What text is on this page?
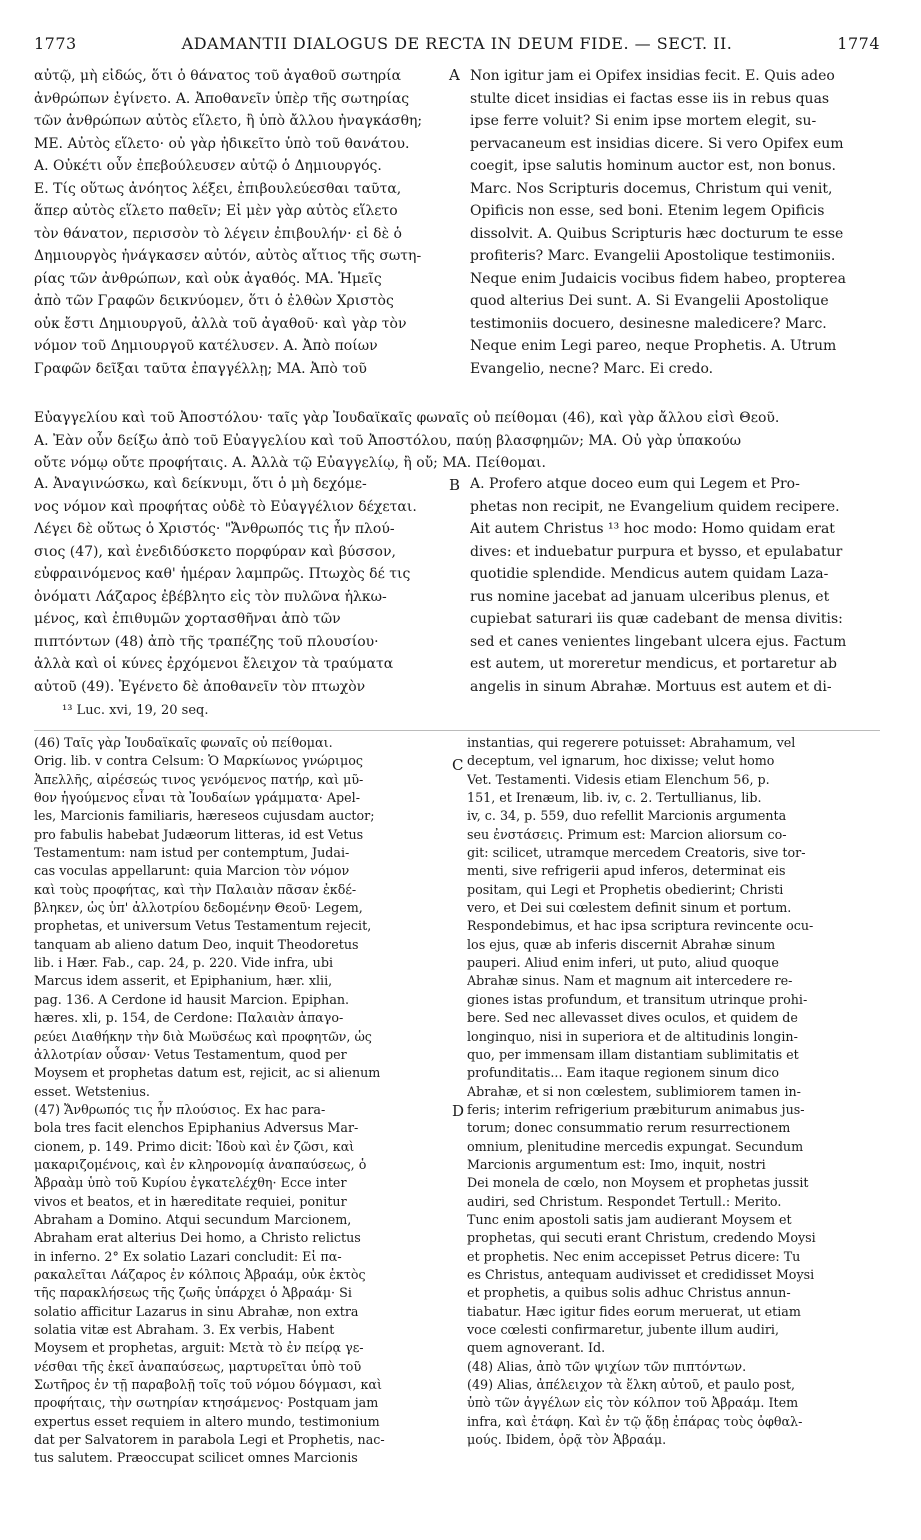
1773	ADAMANTII DIALOGUS DE RECTA IN DEUM FIDE. — SECT. II.	1774
αὐτῷ, μὴ εἰδώς, ὅτι ὁ θάνατος τοῦ ἀγαθοῦ σωτηρία
ἀνθρώπων ἐγίνετο. Α. Ἀποθανεῖν ὑπὲρ τῆς σωτηρίας
τῶν ἀνθρώπων αὐτὸς εἵλετο, ἢ ὑπὸ ἄλλου ἠναγκάσθη;
ΜΕ. Αὐτὸς εἵλετο· οὐ γὰρ ἠδικεῖτο ὑπὸ τοῦ θανάτου.
Α. Οὐκέτι οὖν ἐπεβούλευσεν αὐτῷ ὁ Δημιουργός.
Ε. Τίς οὕτως ἀνόητος λέξει, ἐπιβουλεύεσθαι ταῦτα,
ἅπερ αὐτὸς εἵλετο παθεῖν; Εἰ μὲν γὰρ αὐτὸς εἵλετο
τὸν θάνατον, περισσὸν τὸ λέγειν ἐπιβουλήν· εἰ δὲ ὁ
Δημιουργὸς ἠνάγκασεν αὐτόν, αὐτὸς αἴτιος τῆς σωτη-
ρίας τῶν ἀνθρώπων, καὶ οὐκ ἀγαθός. ΜΑ. Ἡμεῖς
ἀπὸ τῶν Γραφῶν δεικνύομεν, ὅτι ὁ ἐλθὼν Χριστὸς
οὐκ ἔστι Δημιουργοῦ, ἀλλὰ τοῦ ἀγαθοῦ· καὶ γὰρ τὸν
νόμον τοῦ Δημιουργοῦ κατέλυσεν. Α. Ἀπὸ ποίων
Γραφῶν δεῖξαι ταῦτα ἐπαγγέλλῃ; ΜΑ. Ἀπὸ τοῦ
A Non igitur jam ei Opifex insidias fecit. E. Quis adeo
stulte dicet insidias ei factas esse iis in rebus quas
ipse ferre voluit? Si enim ipse mortem elegit, su-
pervacaneum est insidias dicere. Si vero Opifex eum
coegit, ipse salutis hominum auctor est, non bonus.
Marc. Nos Scripturis docemus, Christum qui venit,
Opificis non esse, sed boni. Etenim legem Opificis
dissolvit. A. Quibus Scripturis hæc docturum te esse
profiteris? Marc. Evangelii Apostolique testimoniis.
Neque enim Judaicis vocibus fidem habeo, propterea
quod alterius Dei sunt. A. Si Evangelii Apostolique
testimoniis docuero, desinesne maledicere? Marc.
Neque enim Legi pareo, neque Prophetis. A. Utrum
Evangelio, necne? Marc. Ei credo.
Εὐαγγελίου καὶ τοῦ Ἀποστόλου· ταῖς γὰρ Ἰουδαϊκαῖς φωναῖς οὐ πείθομαι (46), καὶ γὰρ ἄλλου εἰσὶ Θεοῦ.
Α. Ἐὰν οὖν δείξω ἀπὸ τοῦ Εὐαγγελίου καὶ τοῦ Ἀποστόλου, παύῃ βλασφημῶν; ΜΑ. Οὐ γὰρ ὑπακούω
οὔτε νόμῳ οὔτε προφήταις. Α. Ἀλλὰ τῷ Εὐαγγελίῳ, ἢ οὔ; ΜΑ. Πείθομαι.
Α. Ἀναγινώσκω, καὶ δείκνυμι, ὅτι ὁ μὴ δεχόμε-
νος νόμον καὶ προφήτας οὐδὲ τὸ Εὐαγγέλιον δέχεται.
Λέγει δὲ οὕτως ὁ Χριστός· "Ἄνθρωπός τις ἦν πλού-
σιος (47), καὶ ἐνεδιδύσκετο πορφύραν καὶ βύσσον,
εὐφραινόμενος καθ' ἡμέραν λαμπρῶς. Πτωχὸς δέ τις
ὀνόματι Λάζαρος ἐβέβλητο εἰς τὸν πυλῶνα ἡλκω-
μένος, καὶ ἐπιθυμῶν χορτασθῆναι ἀπὸ τῶν
πιπτόντων (48) ἀπὸ τῆς τραπέζης τοῦ πλουσίου·
ἀλλὰ καὶ οἱ κύνες ἐρχόμενοι ἔλειχον τὰ τραύματα
αὐτοῦ (49). Ἐγένετο δὲ ἀποθανεῖν τὸν πτωχὸν
B A. Profero atque doceo eum qui Legem et Pro-
phetas non recipit, ne Evangelium quidem recipere.
Ait autem Christus ¹³ hoc modo: Homo quidam erat
dives: et induebatur purpura et bysso, et epulabatur
quotidie splendide. Mendicus autem quidam Laza-
rus nomine jacebat ad januam ulceribus plenus, et
cupiebat saturari iis quæ cadebant de mensa divitis:
sed et canes venientes lingebant ulcera ejus. Factum
est autem, ut moreretur mendicus, et portaretur ab
angelis in sinum Abrahæ. Mortuus est autem et di-
¹³ Luc. xvi, 19, 20 seq.
(46) Ταῖς γὰρ Ἰουδαϊκαῖς φωναῖς οὐ πείθομαι.
Orig. lib. v contra Celsum: Ὁ Μαρκίωνος γνώριμος
Ἀπελλῆς, αἱρέσεώς τινος γενόμενος πατήρ, καὶ μῦ-
θον ἡγούμενος εἶναι τὰ Ἰουδαίων γράμματα· Apel-
les, Marcionis familiaris, hæreseos cujusdam auctor;
pro fabulis habebat Judæorum litteras, id est Vetus
Testamentum: nam istud per contemptum, Judai-
cas voculas appellarunt: quia Marcion τὸν νόμον
καὶ τοὺς προφήτας, καὶ τὴν Παλαιὰν πᾶσαν ἐκδέ-
βληκεν, ὡς ὑπ' ἀλλοτρίου δεδομένην Θεοῦ· Legem,
prophetas, et universum Vetus Testamentum rejecit,
tanquam ab alieno datum Deo, inquit Theodoretus
lib. i Hær. Fab., cap. 24, p. 220. Vide infra, ubi
Marcus idem asserit, et Epiphanium, hær. xlii,
pag. 136. A Cerdone id hausit Marcion. Epiphan.
hæres. xli, p. 154, de Cerdone: Παλαιὰν ἀπαγο-
ρεύει Διαθήκην τὴν διὰ Μωϋσέως καὶ προφητῶν, ὡς
ἀλλοτρίαν οὖσαν· Vetus Testamentum, quod per
Moysem et prophetas datum est, rejicit, ac si alienum
esset. Wetstenius.
(47) Ἄνθρωπός τις ἦν πλούσιος. Ex hac para-
bola tres facit elenchos Epiphanius Adversus Mar-
cionem, p. 149. Primo dicit: Ἰδοὺ καὶ ἐν ζῶσι, καὶ
μακαριζομένοις, καὶ ἐν κληρονομίᾳ ἀναπαύσεως, ὁ
Ἀβραὰμ ὑπὸ τοῦ Κυρίου ἐγκατελέχθη· Ecce inter
vivos et beatos, et in hæreditate requiei, ponitur
Abraham a Domino. Atqui secundum Marcionem,
Abraham erat alterius Dei homo, a Christo relictus
in inferno. 2° Ex solatio Lazari concludit: Εἰ πα-
ρακαλεῖται Λάζαρος ἐν κόλποις Ἀβραάμ, οὐκ ἐκτὸς
τῆς παρακλήσεως τῆς ζωῆς ὑπάρχει ὁ Ἀβραάμ· Si
solatio afficitur Lazarus in sinu Abrahæ, non extra
solatia vitæ est Abraham. 3. Ex verbis, Habent
Moysem et prophetas, arguit: Μετὰ τὸ ἐν πείρᾳ γε-
νέσθαι τῆς ἐκεῖ ἀναπαύσεως, μαρτυρεῖται ὑπὸ τοῦ
Σωτῆρος ἐν τῇ παραβολῇ τοῖς τοῦ νόμου δόγμασι, καὶ
προφήταις, τὴν σωτηρίαν κτησάμενος· Postquam jam
expertus esset requiem in altero mundo, testimonium
dat per Salvatorem in parabola Legi et Prophetis, nac-
tus salutem. Præoccupat scilicet omnes Marcionis
C
D
instantias, qui regerere potuisset: Abrahamum, vel
deceptum, vel ignarum, hoc dixisse; velut homo
Vet. Testamenti. Videsis etiam Elenchum 56, p.
151, et Irenæum, lib. iv, c. 2. Tertullianus, lib.
iv, c. 34, p. 559, duo refellit Marcionis argumenta
seu ἐνστάσεις. Primum est: Marcion aliorsum co-
git: scilicet, utramque mercedem Creatoris, sive tor-
menti, sive refrigerii apud inferos, determinat eis
positam, qui Legi et Prophetis obedierint; Christi
vero, et Dei sui cœlestem definit sinum et portum.
Respondebimus, et hac ipsa scriptura revincente ocu-
los ejus, quæ ab inferis discernit Abrahæ sinum
pauperi. Aliud enim inferi, ut puto, aliud quoque
Abrahæ sinus. Nam et magnum ait intercedere re-
giones istas profundum, et transitum utrinque prohi-
bere. Sed nec allevasset dives oculos, et quidem de
longinquo, nisi in superiora et de altitudinis longin-
quo, per immensam illam distantiam sublimitatis et
profunditatis... Eam itaque regionem sinum dico
Abrahæ, et si non cœlestem, sublimiorem tamen in-
feris; interim refrigerium præbiturum animabus jus-
torum; donec consummatio rerum resurrectionem
omnium, plenitudine mercedis expungat. Secundum
Marcionis argumentum est: Imo, inquit, nostri
Dei monela de cœlo, non Moysem et prophetas jussit
audiri, sed Christum. Respondet Tertull.: Merito.
Tunc enim apostoli satis jam audierant Moysem et
prophetas, qui secuti erant Christum, credendo Moysi
et prophetis. Nec enim accepisset Petrus dicere: Tu
es Christus, antequam audivisset et credidisset Moysi
et prophetis, a quibus solis adhuc Christus annun-
tiabatur. Hæc igitur fides eorum meruerat, ut etiam
voce cœlesti confirmaretur, jubente illum audiri,
quem agnoverant. Id.
(48) Alias, ἀπὸ τῶν ψιχίων τῶν πιπτόντων.
(49) Alias, ἀπέλειχον τὰ ἕλκη αὐτοῦ, et paulo post,
ὑπὸ τῶν ἀγγέλων εἰς τὸν κόλπον τοῦ Ἀβραάμ. Item
infra, καὶ ἐτάφη. Καὶ ἐν τῷ ᾅδῃ ἐπάρας τοὺς ὀφθαλ-
μούς. Ibidem, ὁρᾷ τὸν Ἀβραάμ.
